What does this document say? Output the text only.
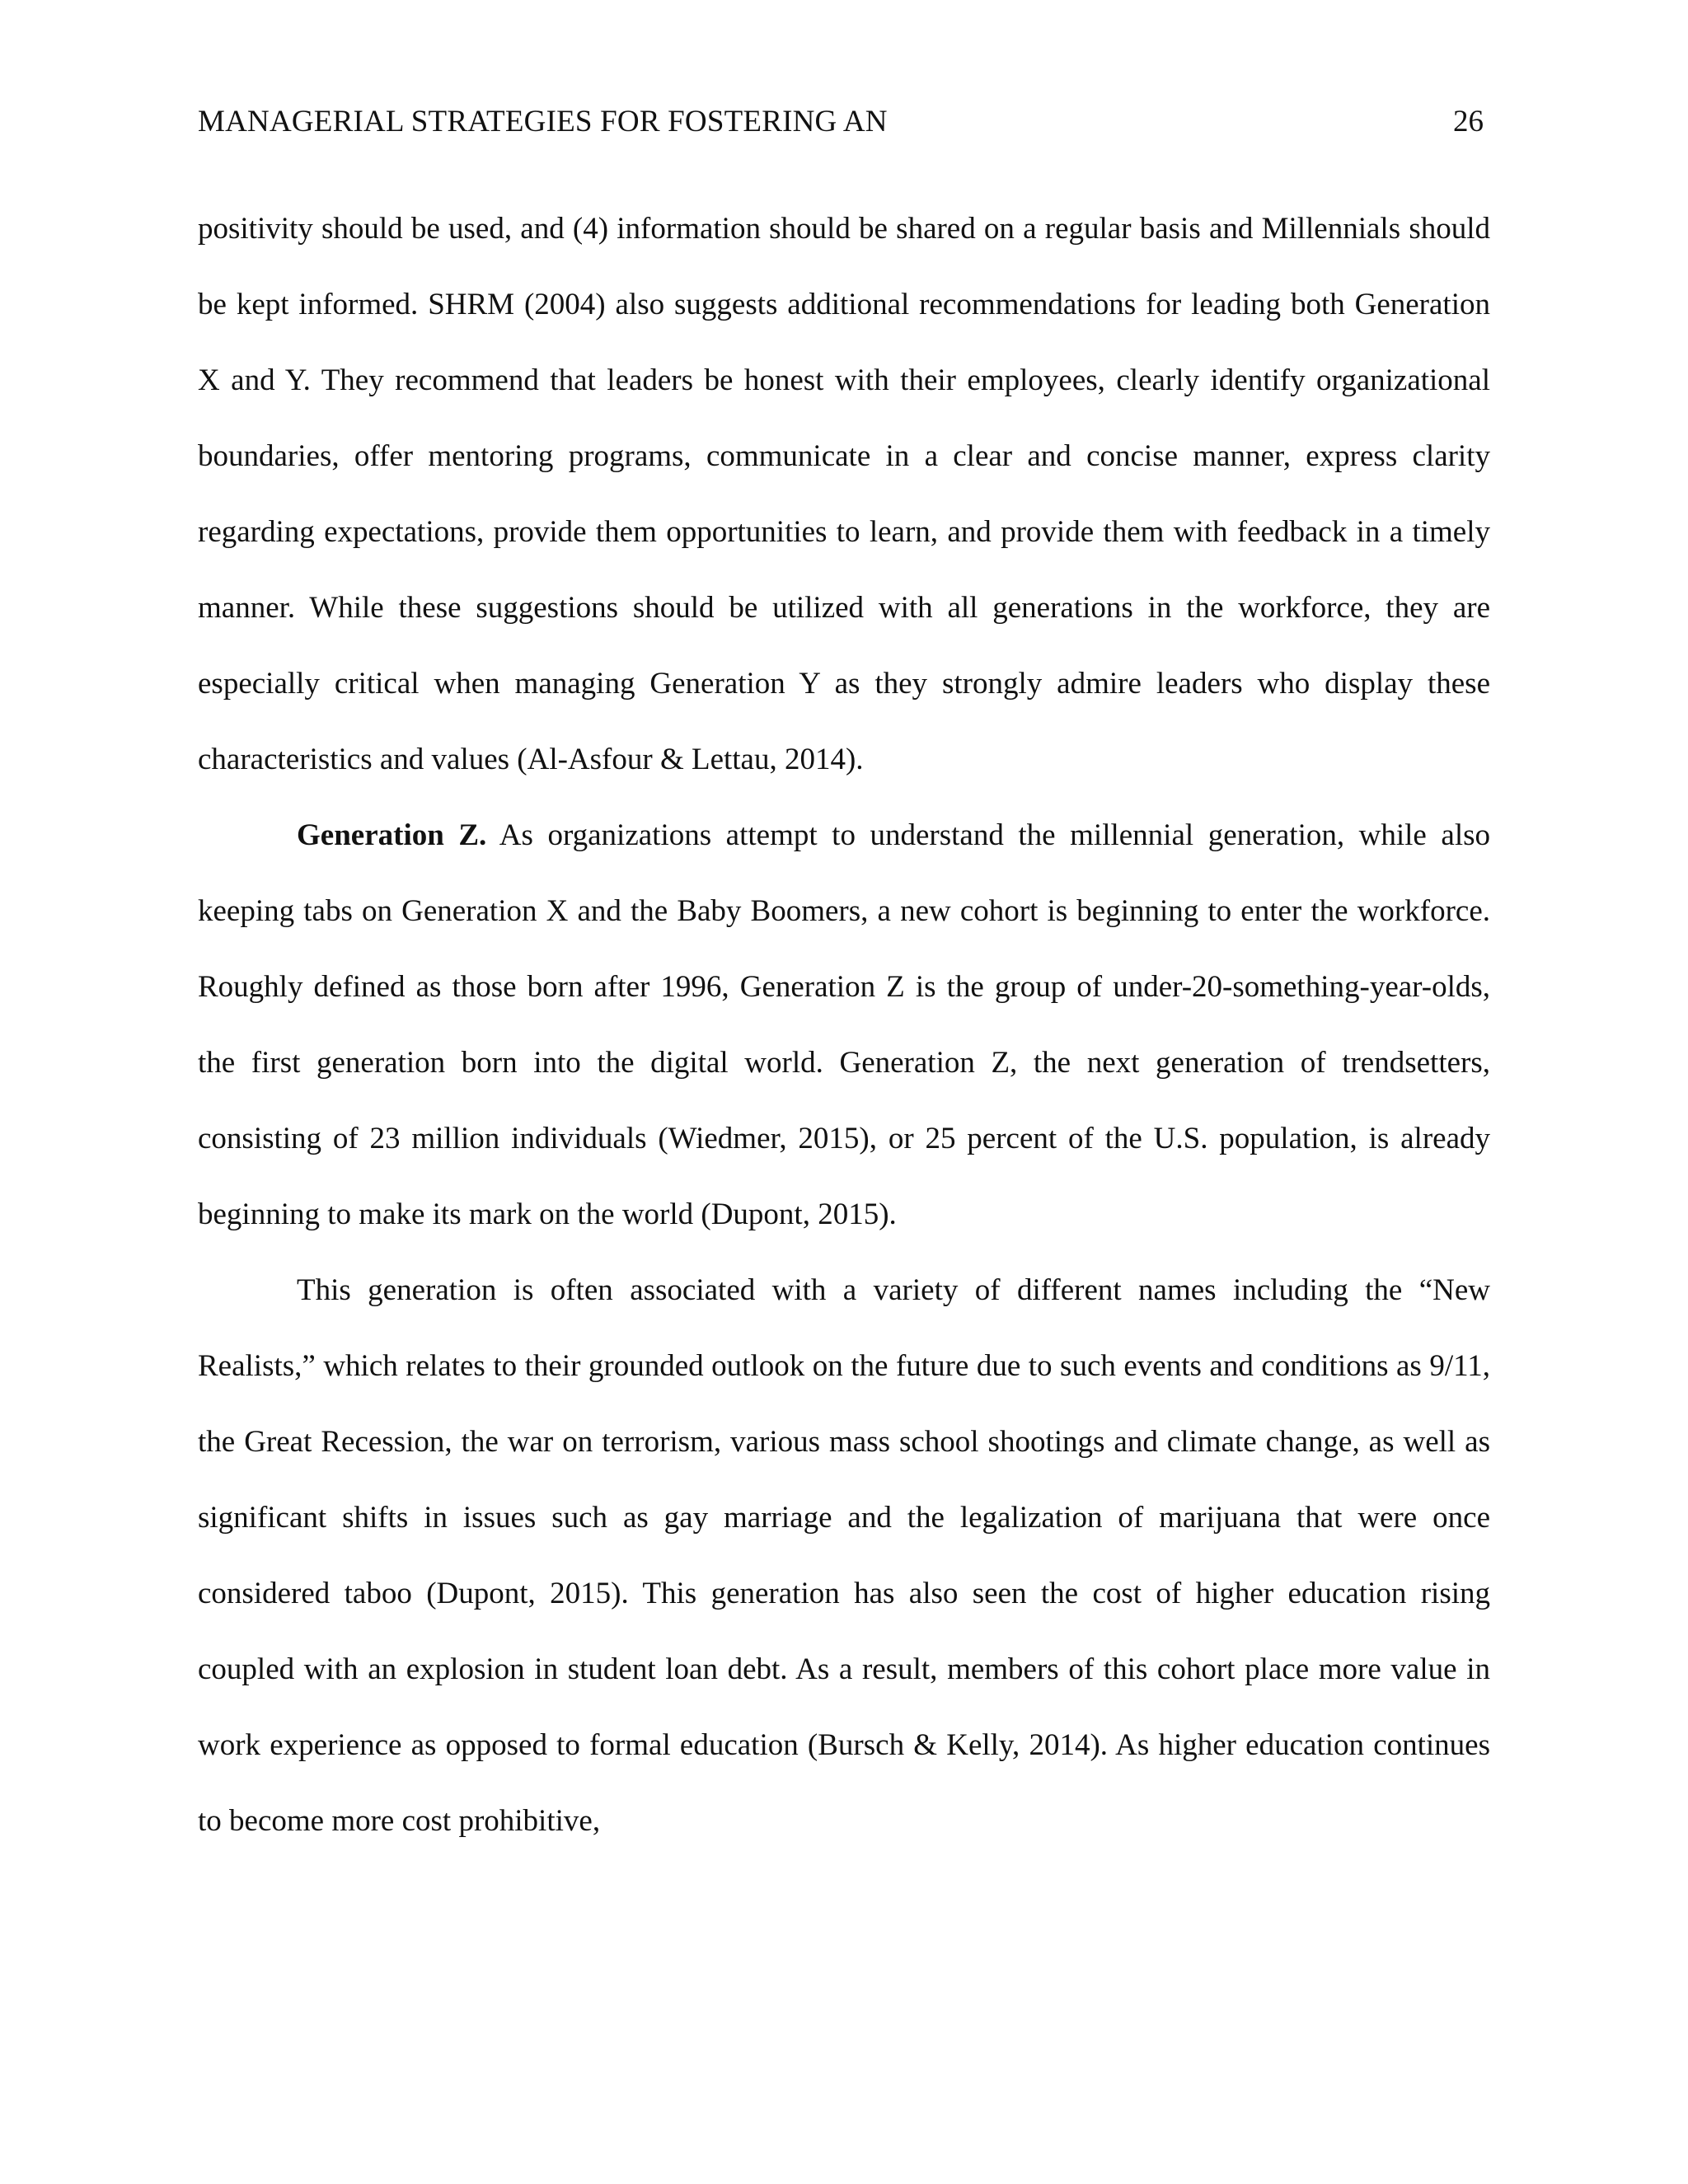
MANAGERIAL STRATEGIES FOR FOSTERING AN	26

positivity should be used, and (4) information should be shared on a regular basis and Millennials should be kept informed. SHRM (2004) also suggests additional recommendations for leading both Generation X and Y. They recommend that leaders be honest with their employees, clearly identify organizational boundaries, offer mentoring programs, communicate in a clear and concise manner, express clarity regarding expectations, provide them opportunities to learn, and provide them with feedback in a timely manner. While these suggestions should be utilized with all generations in the workforce, they are especially critical when managing Generation Y as they strongly admire leaders who display these characteristics and values (Al-Asfour & Lettau, 2014).

Generation Z. As organizations attempt to understand the millennial generation, while also keeping tabs on Generation X and the Baby Boomers, a new cohort is beginning to enter the workforce. Roughly defined as those born after 1996, Generation Z is the group of under-20-something-year-olds, the first generation born into the digital world. Generation Z, the next generation of trendsetters, consisting of 23 million individuals (Wiedmer, 2015), or 25 percent of the U.S. population, is already beginning to make its mark on the world (Dupont, 2015).

This generation is often associated with a variety of different names including the “New Realists,” which relates to their grounded outlook on the future due to such events and conditions as 9/11, the Great Recession, the war on terrorism, various mass school shootings and climate change, as well as significant shifts in issues such as gay marriage and the legalization of marijuana that were once considered taboo (Dupont, 2015). This generation has also seen the cost of higher education rising coupled with an explosion in student loan debt. As a result, members of this cohort place more value in work experience as opposed to formal education (Bursch & Kelly, 2014). As higher education continues to become more cost prohibitive,
